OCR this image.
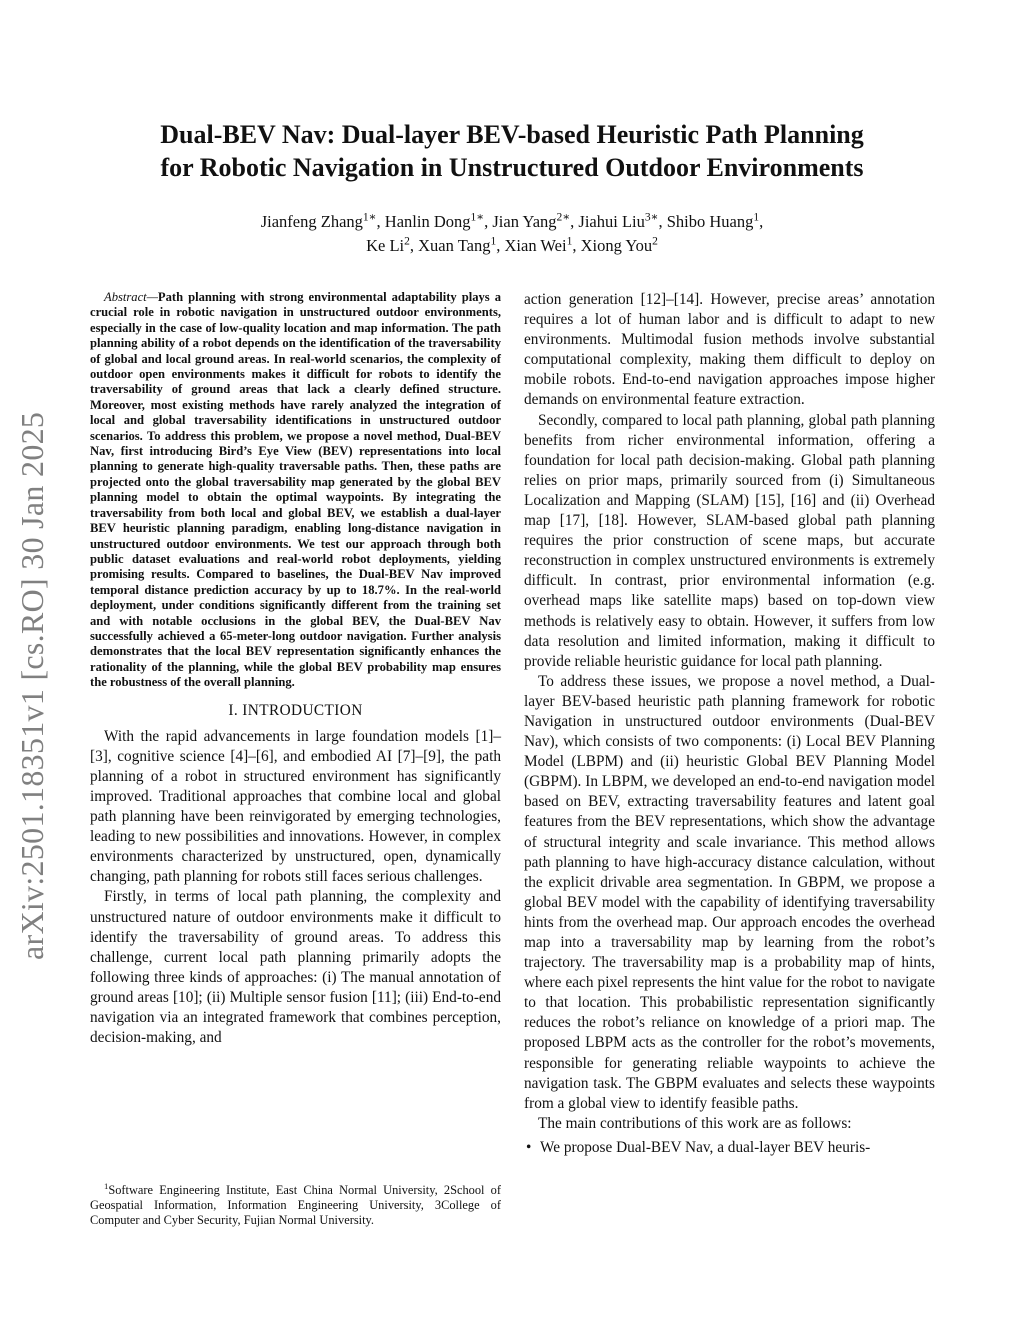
arXiv:2501.18351v1 [cs.RO] 30 Jan 2025
Dual-BEV Nav: Dual-layer BEV-based Heuristic Path Planning
for Robotic Navigation in Unstructured Outdoor Environments
Jianfeng Zhang$^{1∗}$, Hanlin Dong$^{1∗}$, Jian Yang$^{2∗}$, Jiahui Liu$^{3∗}$, Shibo Huang$^1$,
Ke Li$^2$, Xuan Tang$^1$, Xian Wei$^1$, Xiong You$^2$
Abstract—Path planning with strong environmental adaptability plays a crucial role in robotic navigation in unstructured outdoor environments, especially in the case of low-quality location and map information. The path planning ability of a robot depends on the identification of the traversability of global and local ground areas. In real-world scenarios, the complexity of outdoor open environments makes it difficult for robots to identify the traversability of ground areas that lack a clearly defined structure. Moreover, most existing methods have rarely analyzed the integration of local and global traversability identifications in unstructured outdoor scenarios. To address this problem, we propose a novel method, Dual-BEV Nav, first introducing Bird’s Eye View (BEV) representations into local planning to generate high-quality traversable paths. Then, these paths are projected onto the global traversability map generated by the global BEV planning model to obtain the optimal waypoints. By integrating the traversability from both local and global BEV, we establish a dual-layer BEV heuristic planning paradigm, enabling long-distance navigation in unstructured outdoor environments. We test our approach through both public dataset evaluations and real-world robot deployments, yielding promising results. Compared to baselines, the Dual-BEV Nav improved temporal distance prediction accuracy by up to 18.7%. In the real-world deployment, under conditions significantly different from the training set and with notable occlusions in the global BEV, the Dual-BEV Nav successfully achieved a 65-meter-long outdoor navigation. Further analysis demonstrates that the local BEV representation significantly enhances the rationality of the planning, while the global BEV probability map ensures the robustness of the overall planning.
I. INTRODUCTION

With the rapid advancements in large foundation models [1]–[3], cognitive science [4]–[6], and embodied AI [7]–[9], the path planning of a robot in structured environment has significantly improved. Traditional approaches that combine local and global path planning have been reinvigorated by emerging technologies, leading to new possibilities and innovations. However, in complex environments characterized by unstructured, open, dynamically changing, path planning for robots still faces serious challenges.

Firstly, in terms of local path planning, the complexity and unstructured nature of outdoor environments make it difficult to identify the traversability of ground areas. To address this challenge, current local path planning primarily adopts the following three kinds of approaches: (i) The manual annotation of ground areas [10]; (ii) Multiple sensor fusion [11]; (iii) End-to-end navigation via an integrated framework that combines perception, decision-making, and

$^1$Software Engineering Institute, East China Normal University, 2School of Geospatial Information, Information Engineering University, 3College of Computer and Cyber Security, Fujian Normal University.

action generation [12]–[14]. However, precise areas’ annotation requires a lot of human labor and is difficult to adapt to new environments. Multimodal fusion methods involve substantial computational complexity, making them difficult to deploy on mobile robots. End-to-end navigation approaches impose higher demands on environmental feature extraction.

Secondly, compared to local path planning, global path planning benefits from richer environmental information, offering a foundation for local path decision-making. Global path planning relies on prior maps, primarily sourced from (i) Simultaneous Localization and Mapping (SLAM) [15], [16] and (ii) Overhead map [17], [18]. However, SLAM-based global path planning requires the prior construction of scene maps, but accurate reconstruction in complex unstructured environments is extremely difficult. In contrast, prior environmental information (e.g. overhead maps like satellite maps) based on top-down view methods is relatively easy to obtain. However, it suffers from low data resolution and limited information, making it difficult to provide reliable heuristic guidance for local path planning.

To address these issues, we propose a novel method, a Dual-layer BEV-based heuristic path planning framework for robotic Navigation in unstructured outdoor environments (Dual-BEV Nav), which consists of two components: (i) Local BEV Planning Model (LBPM) and (ii) heuristic Global BEV Planning Model (GBPM). In LBPM, we developed an end-to-end navigation model based on BEV, extracting traversability features and latent goal features from the BEV representations, which show the advantage of structural integrity and scale invariance. This method allows path planning to have high-accuracy distance calculation, without the explicit drivable area segmentation. In GBPM, we propose a global BEV model with the capability of identifying traversability hints from the overhead map. Our approach encodes the overhead map into a traversability map by learning from the robot’s trajectory. The traversability map is a probability map of hints, where each pixel represents the hint value for the robot to navigate to that location. This probabilistic representation significantly reduces the robot’s reliance on knowledge of a priori map. The proposed LBPM acts as the controller for the robot’s movements, responsible for generating reliable waypoints to achieve the navigation task. The GBPM evaluates and selects these waypoints from a global view to identify feasible paths.

The main contributions of this work are as follows:

• We propose Dual-BEV Nav, a dual-layer BEV heuris-
